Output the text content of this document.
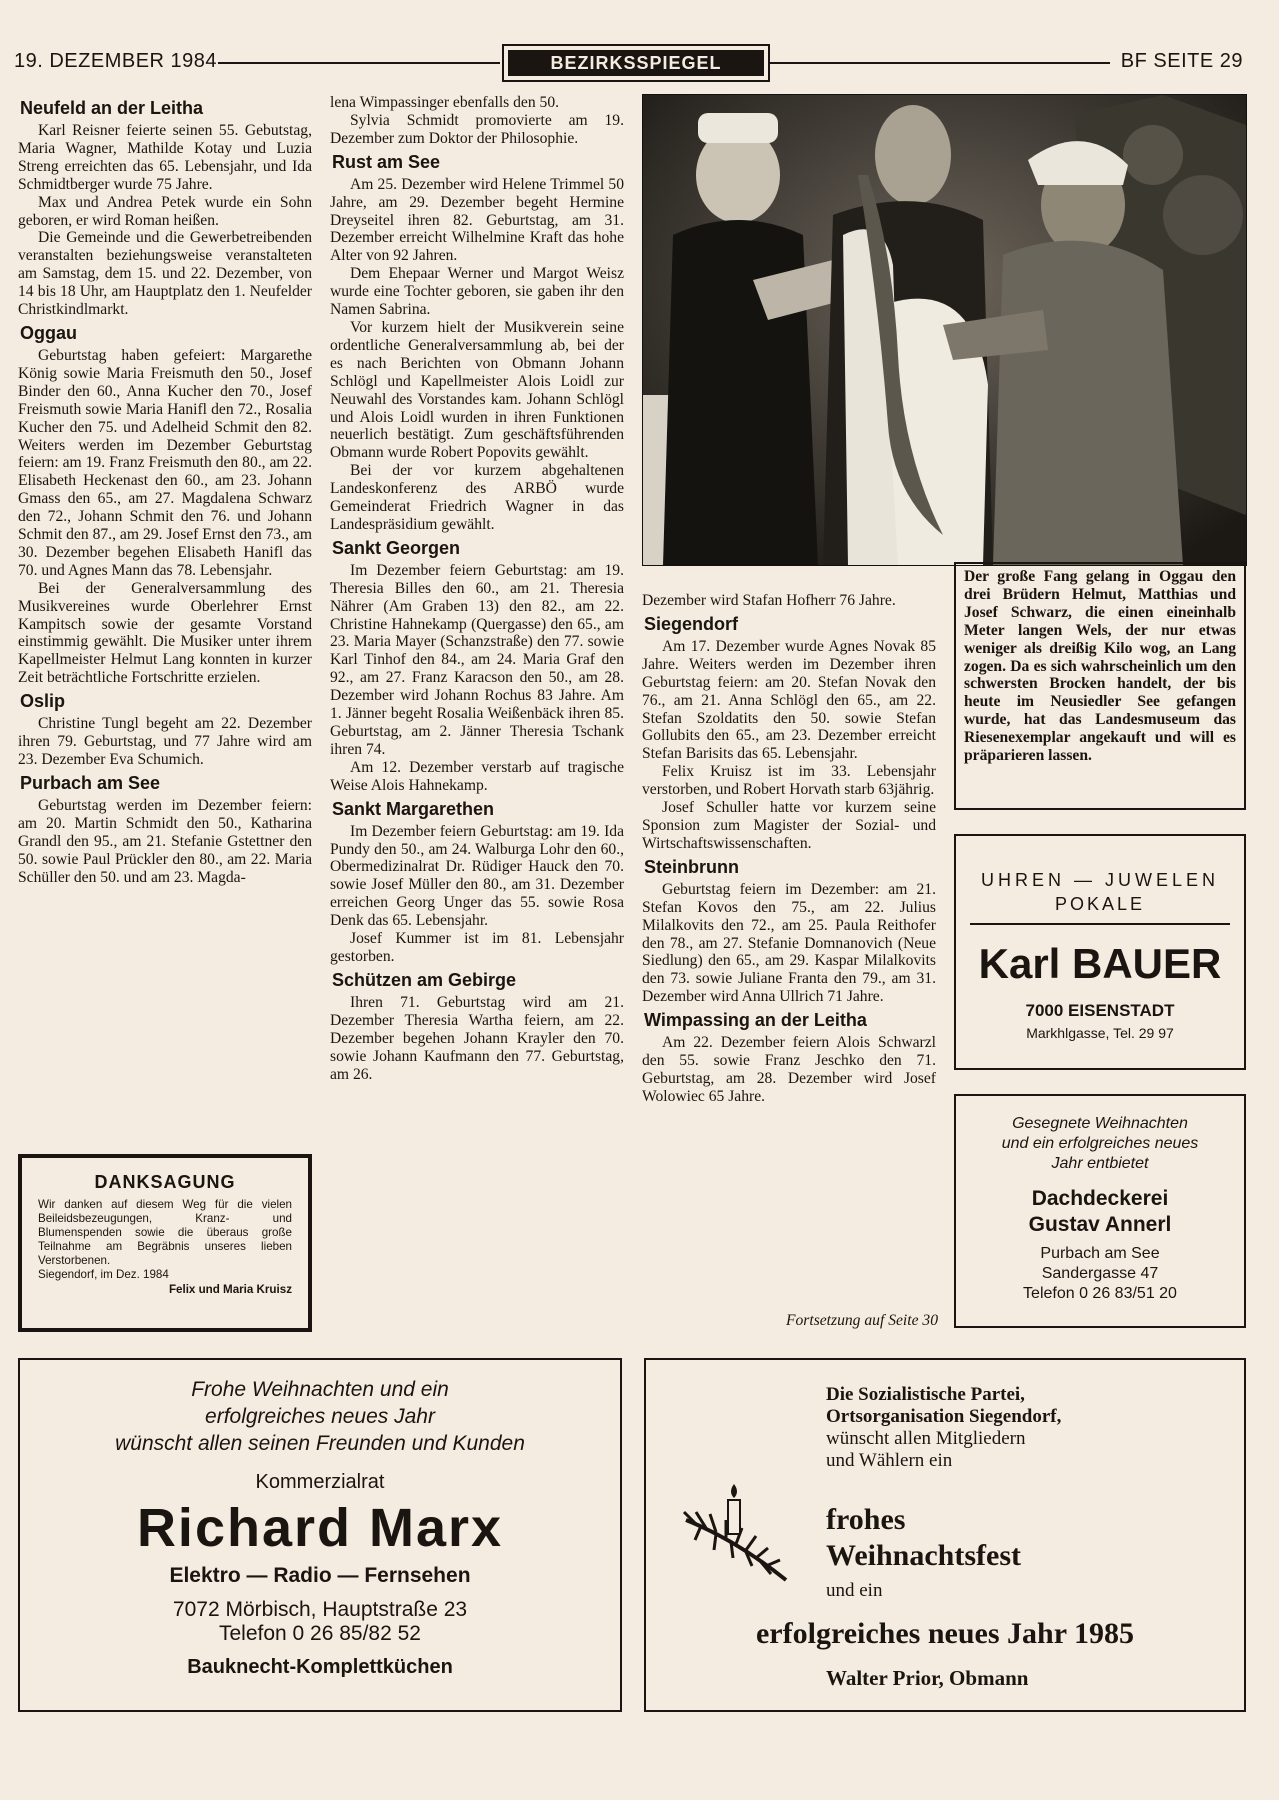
19. DEZEMBER 1984	BEZIRKSSPIEGEL	BF SEITE 29
Neufeld an der Leitha

Karl Reisner feierte seinen 55. Gebutstag, Maria Wagner, Mathilde Kotay und Luzia Streng erreichten das 65. Lebensjahr, und Ida Schmidtberger wurde 75 Jahre.

Max und Andrea Petek wurde ein Sohn geboren, er wird Roman heißen.

Die Gemeinde und die Gewerbetreibenden veranstalten beziehungsweise veranstalteten am Samstag, dem 15. und 22. Dezember, von 14 bis 18 Uhr, am Hauptplatz den 1. Neufelder Christkindlmarkt.

Oggau

Geburtstag haben gefeiert: Margarethe König sowie Maria Freismuth den 50., Josef Binder den 60., Anna Kucher den 70., Josef Freismuth sowie Maria Hanifl den 72., Rosalia Kucher den 75. und Adelheid Schmit den 82. Weiters werden im Dezember Geburtstag feiern: am 19. Franz Freismuth den 80., am 22. Elisabeth Heckenast den 60., am 23. Johann Gmass den 65., am 27. Magdalena Schwarz den 72., Johann Schmit den 76. und Johann Schmit den 87., am 29. Josef Ernst den 73., am 30. Dezember begehen Elisabeth Hanifl das 70. und Agnes Mann das 78. Lebensjahr.

Bei der Generalversammlung des Musikvereines wurde Oberlehrer Ernst Kampitsch sowie der gesamte Vorstand einstimmig gewählt. Die Musiker unter ihrem Kapellmeister Helmut Lang konnten in kurzer Zeit beträchtliche Fortschritte erzielen.

Oslip

Christine Tungl begeht am 22. Dezember ihren 79. Geburtstag, und 77 Jahre wird am 23. Dezember Eva Schumich.

Purbach am See

Geburtstag werden im Dezember feiern: am 20. Martin Schmidt den 50., Katharina Grandl den 95., am 21. Stefanie Gstettner den 50. sowie Paul Prückler den 80., am 22. Maria Schüller den 50. und am 23. Magda-

lena Wimpassinger ebenfalls den 50.

Sylvia Schmidt promovierte am 19. Dezember zum Doktor der Philosophie.

Rust am See

Am 25. Dezember wird Helene Trimmel 50 Jahre, am 29. Dezember begeht Hermine Dreyseitel ihren 82. Geburtstag, am 31. Dezember erreicht Wilhelmine Kraft das hohe Alter von 92 Jahren.

Dem Ehepaar Werner und Margot Weisz wurde eine Tochter geboren, sie gaben ihr den Namen Sabrina.

Vor kurzem hielt der Musikverein seine ordentliche Generalversammlung ab, bei der es nach Berichten von Obmann Johann Schlögl und Kapellmeister Alois Loidl zur Neuwahl des Vorstandes kam. Johann Schlögl und Alois Loidl wurden in ihren Funktionen neuerlich bestätigt. Zum geschäftsführenden Obmann wurde Robert Popovits gewählt.

Bei der vor kurzem abgehaltenen Landeskonferenz des ARBÖ wurde Gemeinderat Friedrich Wagner in das Landespräsidium gewählt.

Sankt Georgen

Im Dezember feiern Geburtstag: am 19. Theresia Billes den 60., am 21. Theresia Nährer (Am Graben 13) den 82., am 22. Christine Hahnekamp (Quergasse) den 65., am 23. Maria Mayer (Schanzstraße) den 77. sowie Karl Tinhof den 84., am 24. Maria Graf den 92., am 27. Franz Karacson den 50., am 28. Dezember wird Johann Rochus 83 Jahre. Am 1. Jänner begeht Rosalia Weißenbäck ihren 85. Geburtstag, am 2. Jänner Theresia Tschank ihren 74.

Am 12. Dezember verstarb auf tragische Weise Alois Hahnekamp.

Sankt Margarethen

Im Dezember feiern Geburtstag: am 19. Ida Pundy den 50., am 24. Walburga Lohr den 60., Obermedizinalrat Dr. Rüdiger Hauck den 70. sowie Josef Müller den 80., am 31. Dezember erreichen Georg Unger das 55. sowie Rosa Denk das 65. Lebensjahr.

Josef Kummer ist im 81. Lebensjahr gestorben.

Schützen am Gebirge

Ihren 71. Geburtstag wird am 21. Dezember Theresia Wartha feiern, am 22. Dezember begehen Johann Krayler den 70. sowie Johann Kaufmann den 77. Geburtstag, am 26.

Dezember wird Stafan Hofherr 76 Jahre.

Siegendorf

Am 17. Dezember wurde Agnes Novak 85 Jahre. Weiters werden im Dezember ihren Geburtstag feiern: am 20. Stefan Novak den 76., am 21. Anna Schlögl den 65., am 22. Stefan Szoldatits den 50. sowie Stefan Gollubits den 65., am 23. Dezember erreicht Stefan Barisits das 65. Lebensjahr.

Felix Kruisz ist im 33. Lebensjahr verstorben, und Robert Horvath starb 63jährig.

Josef Schuller hatte vor kurzem seine Sponsion zum Magister der Sozial- und Wirtschaftswissenschaften.

Steinbrunn

Geburtstag feiern im Dezember: am 21. Stefan Kovos den 75., am 22. Julius Milalkovits den 72., am 25. Paula Reithofer den 78., am 27. Stefanie Domnanovich (Neue Siedlung) den 65., am 29. Kaspar Milalkovits den 73. sowie Juliane Franta den 79., am 31. Dezember wird Anna Ullrich 71 Jahre.

Wimpassing an der Leitha

Am 22. Dezember feiern Alois Schwarzl den 55. sowie Franz Jeschko den 71. Geburtstag, am 28. Dezember wird Josef Wolowiec 65 Jahre.

Fortsetzung auf Seite 30
Der große Fang gelang in Oggau den drei Brüdern Helmut, Matthias und Josef Schwarz, die einen eineinhalb Meter langen Wels, der nur etwas weniger als dreißig Kilo wog, an Lang zogen. Da es sich wahrscheinlich um den schwersten Brocken handelt, der bis heute im Neusiedler See gefangen wurde, hat das Landesmuseum das Riesenexemplar angekauft und will es präparieren lassen.
DANKSAGUNG
Wir danken auf diesem Weg für die vielen Beileidsbezeugungen, Kranz- und Blumenspenden sowie die überaus große Teilnahme am Begräbnis unseres lieben Verstorbenen.
Siegendorf, im Dez. 1984
Felix und Maria Kruisz
UHREN — JUWELEN
POKALE
Karl BAUER
7000 EISENSTADT
Markhlgasse, Tel. 29 97
Gesegnete Weihnachten
und ein erfolgreiches neues
Jahr entbietet
Dachdeckerei
Gustav Annerl
Purbach am See
Sandergasse 47
Telefon 0 26 83/51 20
Frohe Weihnachten und ein
erfolgreiches neues Jahr
wünscht allen seinen Freunden und Kunden
Kommerzialrat
Richard Marx
Elektro — Radio — Fernsehen
7072 Mörbisch, Hauptstraße 23
Telefon 0 26 85/82 52
Bauknecht-Komplettküchen
Die Sozialistische Partei,
Ortsorganisation Siegendorf,
wünscht allen Mitgliedern
und Wählern ein
frohes
Weihnachtsfest
und ein
erfolgreiches neues Jahr 1985
Walter Prior, Obmann
